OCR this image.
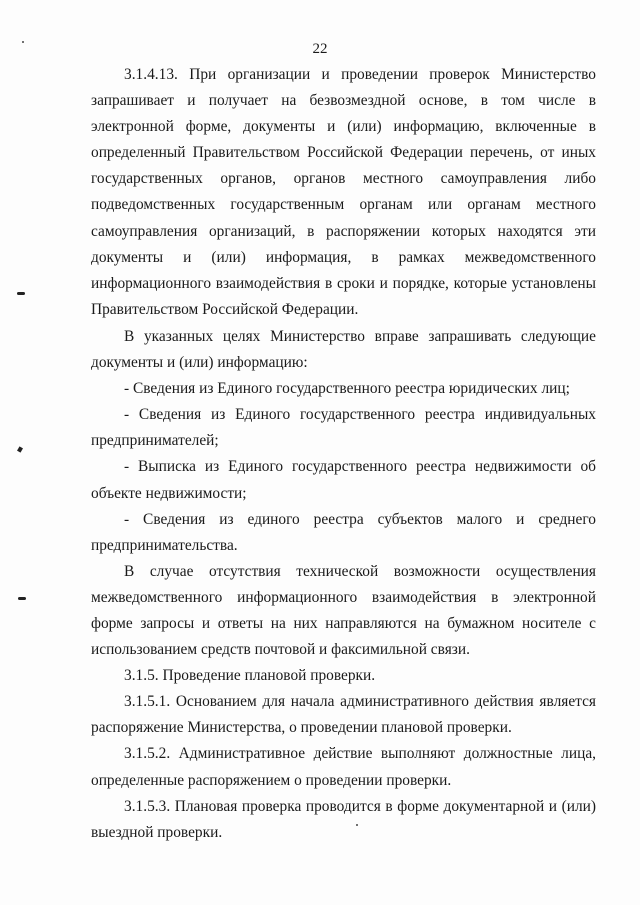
22

3.1.4.13. При организации и проведении проверок Министерство запрашивает и получает на безвозмездной основе, в том числе в электронной форме, документы и (или) информацию, включенные в определенный Правительством Российской Федерации перечень, от иных государственных органов, органов местного самоуправления либо подведомственных государственным органам или органам местного самоуправления организаций, в распоряжении которых находятся эти документы и (или) информация, в рамках межведомственного информационного взаимодействия в сроки и порядке, которые установлены Правительством Российской Федерации.

В указанных целях Министерство вправе запрашивать следующие документы и (или) информацию:

- Сведения из Единого государственного реестра юридических лиц;

- Сведения из Единого государственного реестра индивидуальных предпринимателей;

- Выписка из Единого государственного реестра недвижимости об объекте недвижимости;

- Сведения из единого реестра субъектов малого и среднего предпринимательства.

В случае отсутствия технической возможности осуществления межведомственного информационного взаимодействия в электронной форме запросы и ответы на них направляются на бумажном носителе с использованием средств почтовой и факсимильной связи.

3.1.5. Проведение плановой проверки.

3.1.5.1. Основанием для начала административного действия является распоряжение Министерства, о проведении плановой проверки.

3.1.5.2. Административное действие выполняют должностные лица, определенные распоряжением о проведении проверки.

3.1.5.3. Плановая проверка проводится в форме документарной и (или) выездной проверки.
